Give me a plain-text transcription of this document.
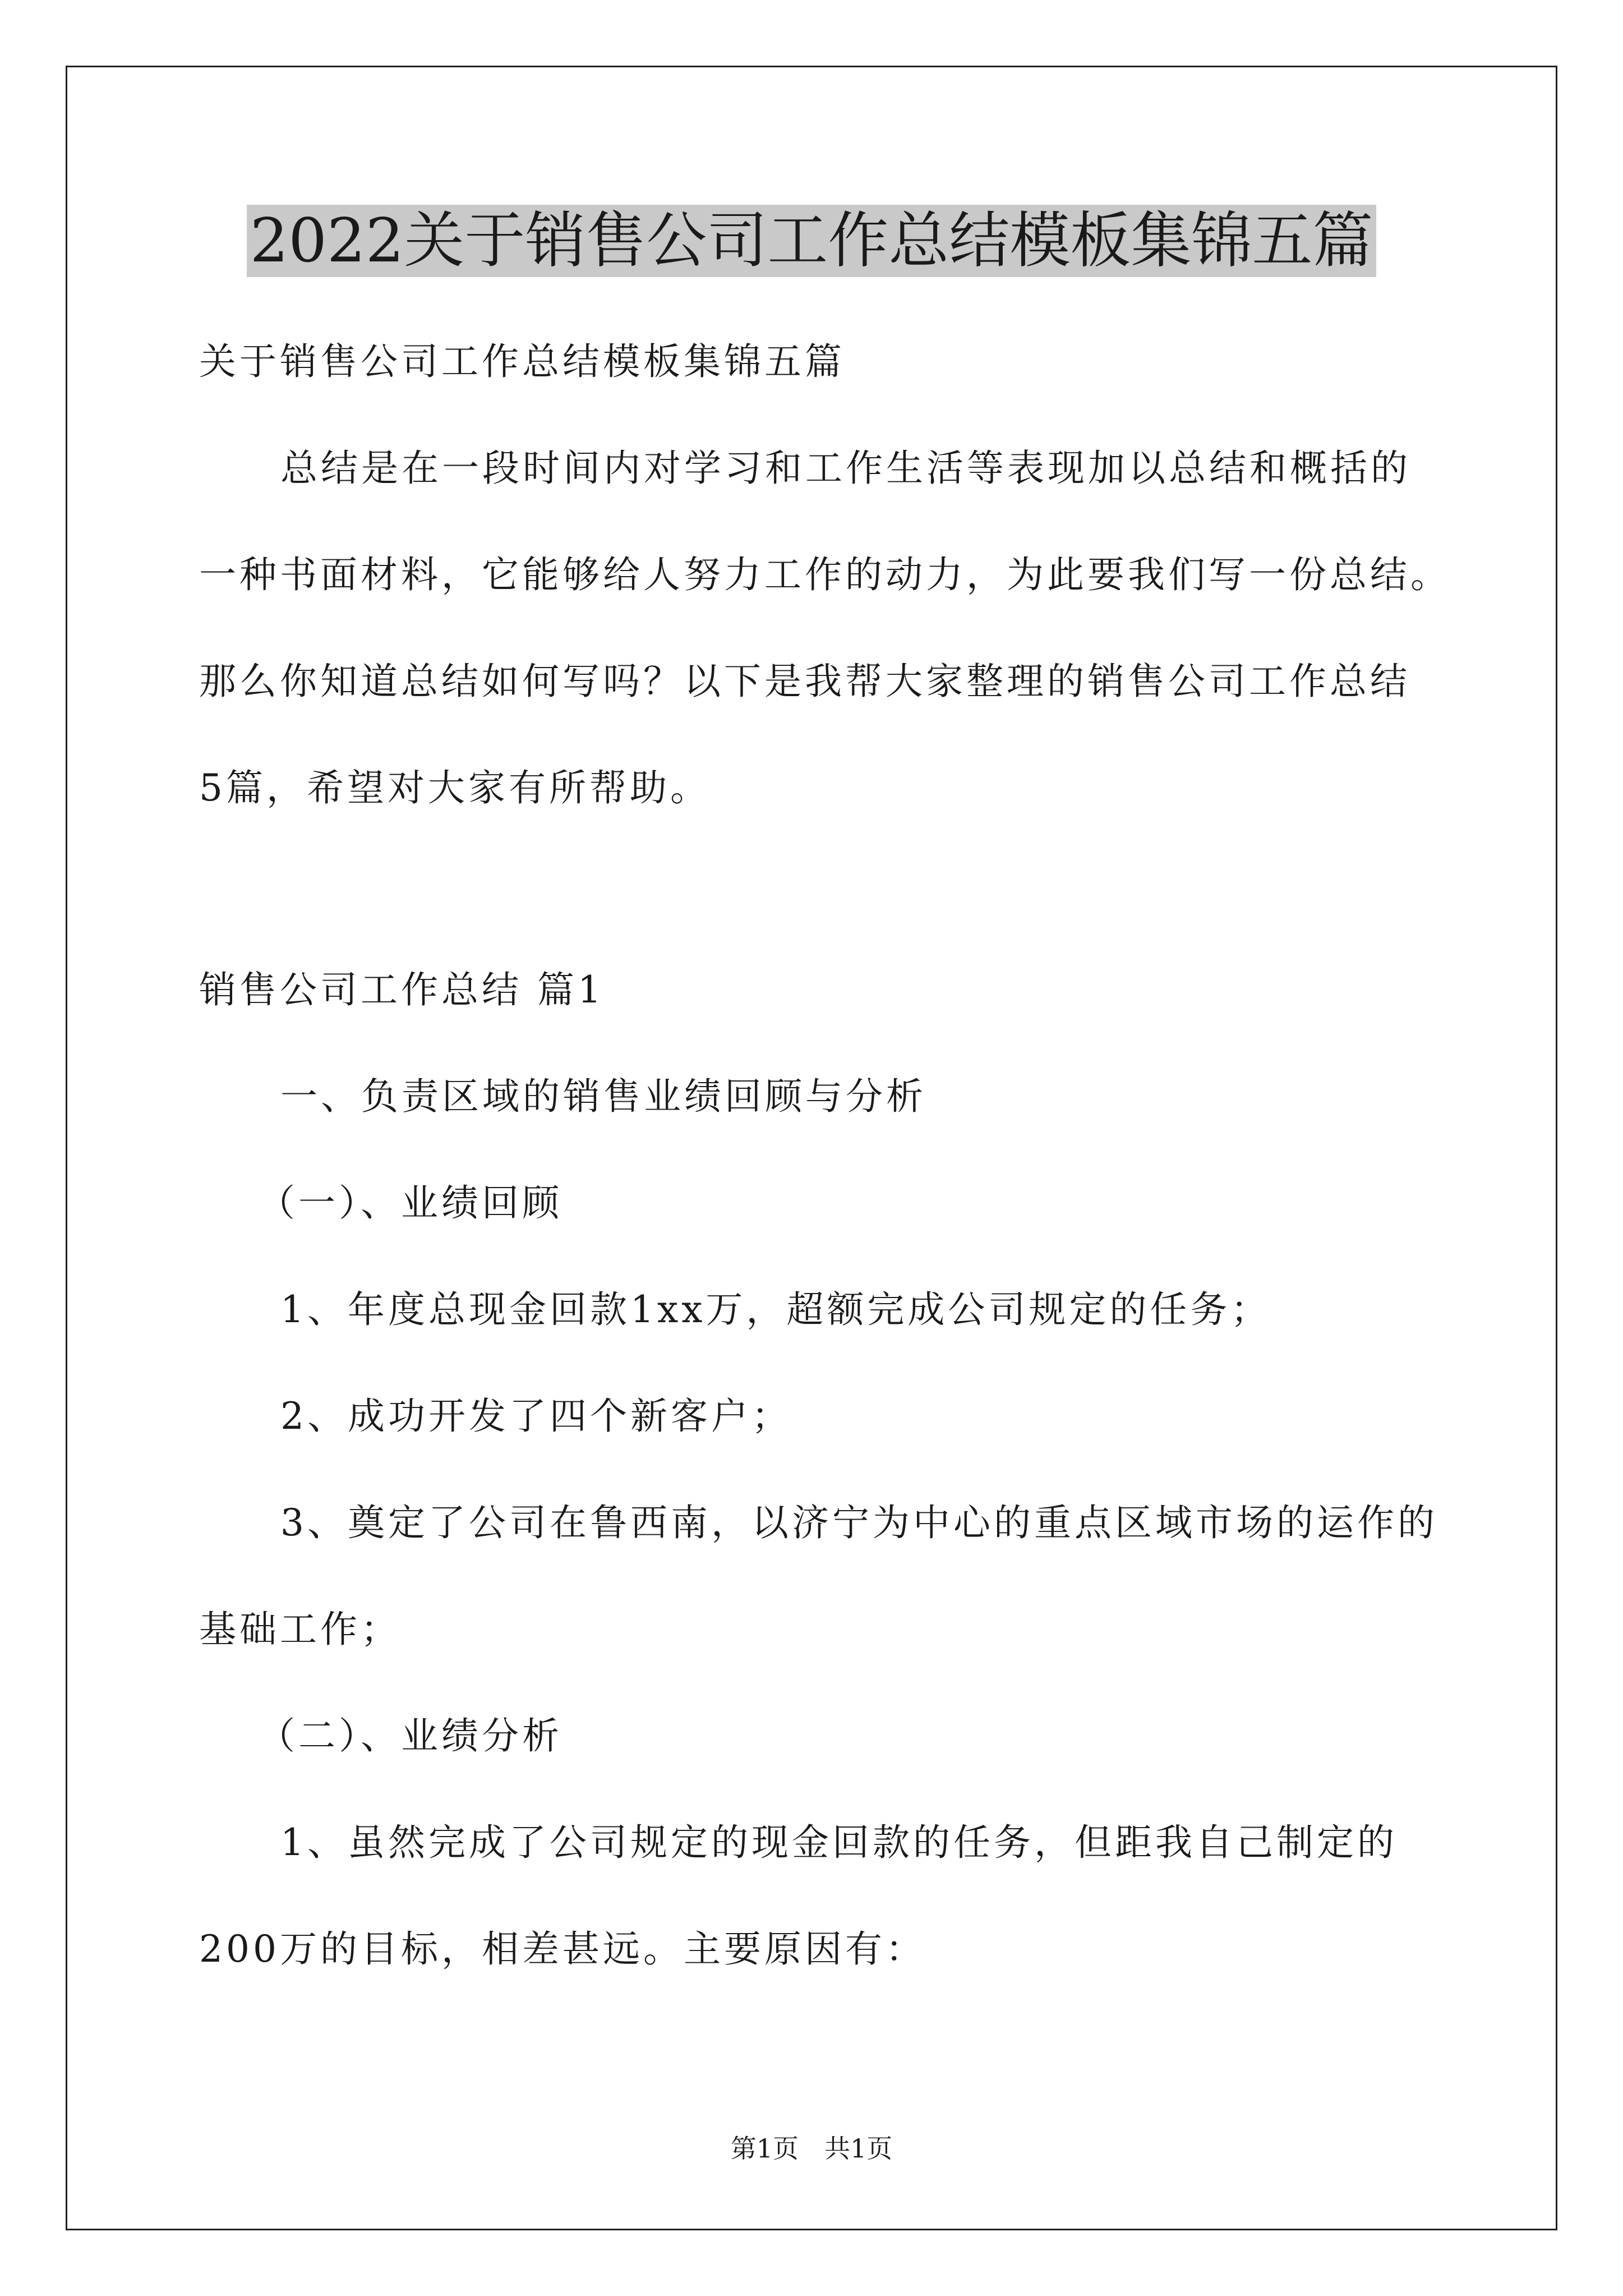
2022关于销售公司工作总结模板集锦五篇
关于销售公司工作总结模板集锦五篇
总结是在一段时间内对学习和工作生活等表现加以总结和概括的
一种书面材料，它能够给人努力工作的动力，为此要我们写一份总结。
那么你知道总结如何写吗？以下是我帮大家整理的销售公司工作总结
5篇，希望对大家有所帮助。
销售公司工作总结 篇1
一、负责区域的销售业绩回顾与分析
（一）、业绩回顾
1、年度总现金回款1xx万，超额完成公司规定的任务；
2、成功开发了四个新客户；
3、奠定了公司在鲁西南，以济宁为中心的重点区域市场的运作的
基础工作；
（二）、业绩分析
1、虽然完成了公司规定的现金回款的任务，但距我自己制定的
200万的目标，相差甚远。主要原因有：
第1页　共1页
